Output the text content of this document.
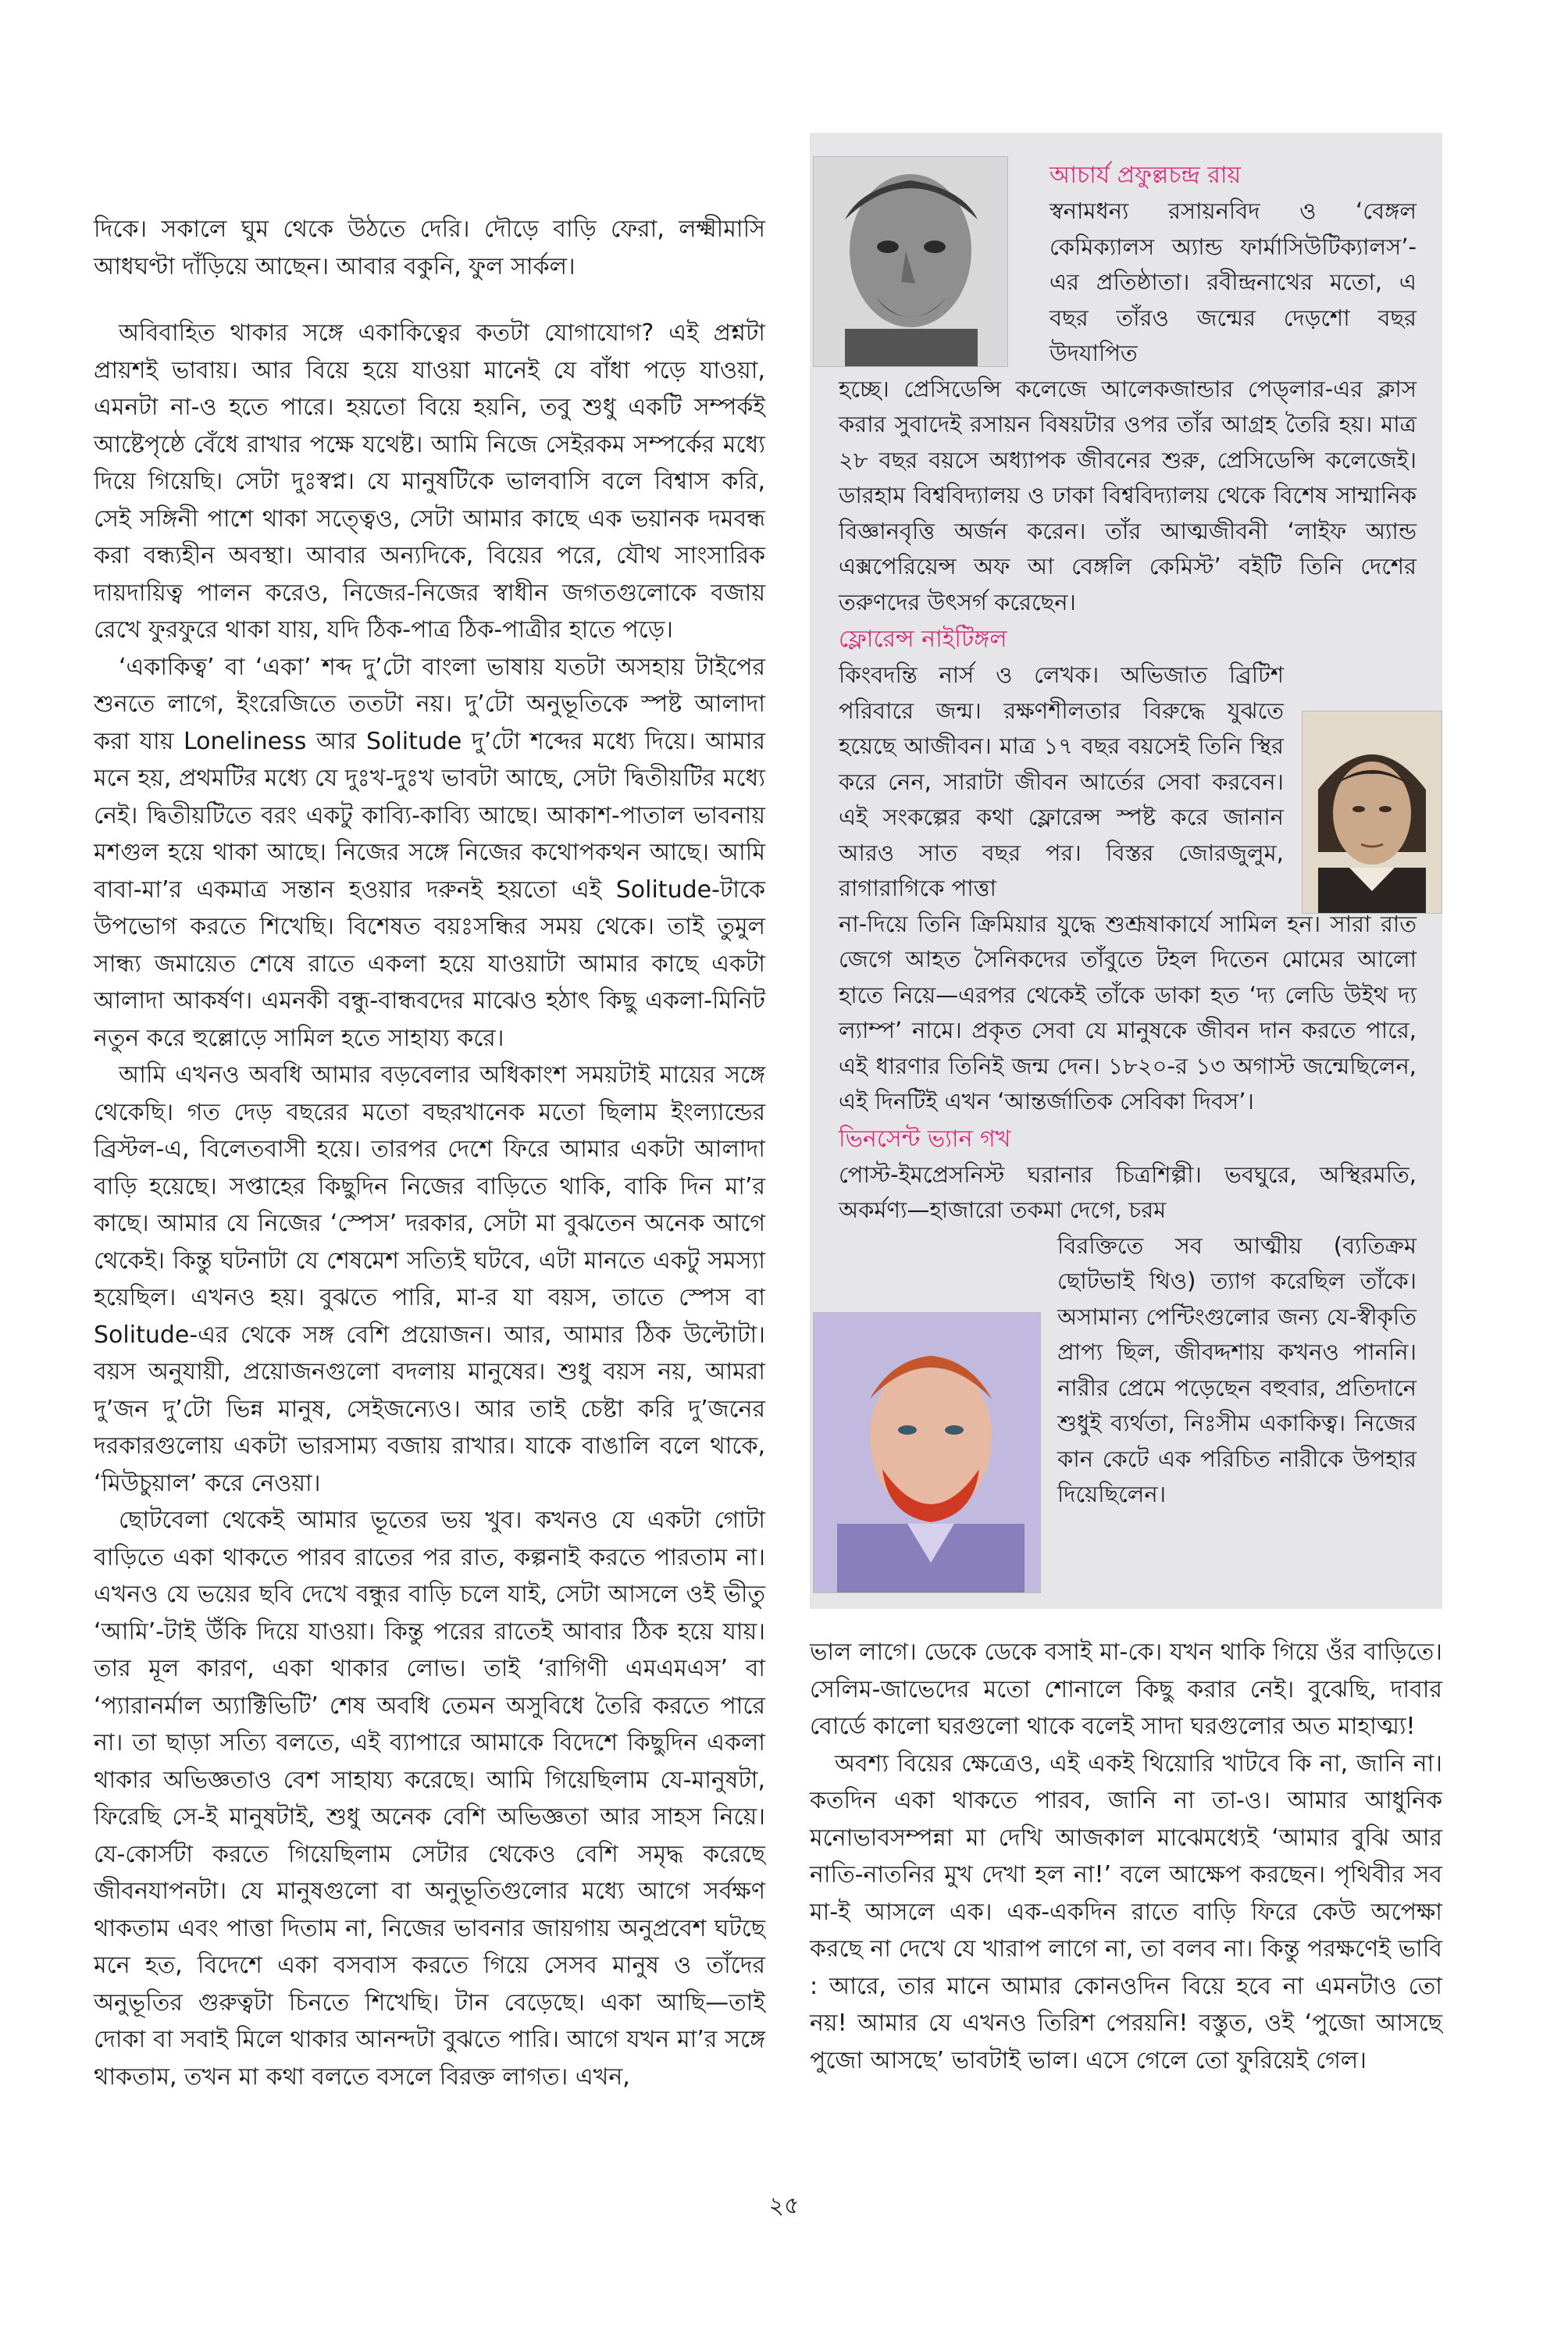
দিকে। সকালে ঘুম থেকে উঠতে দেরি। দৌড়ে বাড়ি ফেরা, লক্ষ্মীমাসি আধঘণ্টা দাঁড়িয়ে আছেন। আবার বকুনি, ফুল সার্কল।

অবিবাহিত থাকার সঙ্গে একাকিত্বের কতটা যোগাযোগ? এই প্রশ্নটা প্রায়শই ভাবায়। আর বিয়ে হয়ে যাওয়া মানেই যে বাঁধা পড়ে যাওয়া, এমনটা না-ও হতে পারে। হয়তো বিয়ে হয়নি, তবু শুধু একটি সম্পর্কই আষ্টেপৃষ্ঠে বেঁধে রাখার পক্ষে যথেষ্ট। আমি নিজে সেইরকম সম্পর্কের মধ্যে দিয়ে গিয়েছি। সেটা দুঃস্বপ্ন। যে মানুষটিকে ভালবাসি বলে বিশ্বাস করি, সেই সঙ্গিনী পাশে থাকা সত্ত্বেও, সেটা আমার কাছে এক ভয়ানক দমবন্ধ করা বন্ধ্যহীন অবস্থা। আবার অন্যদিকে, বিয়ের পরে, যৌথ সাংসারিক দায়দায়িত্ব পালন করেও, নিজের-নিজের স্বাধীন জগতগুলোকে বজায় রেখে ফুরফুরে থাকা যায়, যদি ঠিক-পাত্র ঠিক-পাত্রীর হাতে পড়ে।

‘একাকিত্ব’ বা ‘একা’ শব্দ দু’টো বাংলা ভাষায় যতটা অসহায় টাইপের শুনতে লাগে, ইংরেজিতে ততটা নয়। দু’টো অনুভূতিকে স্পষ্ট আলাদা করা যায় Loneliness আর Solitude দু’টো শব্দের মধ্যে দিয়ে। আমার মনে হয়, প্রথমটির মধ্যে যে দুঃখ-দুঃখ ভাবটা আছে, সেটা দ্বিতীয়টির মধ্যে নেই। দ্বিতীয়টিতে বরং একটু কাব্যি-কাব্যি আছে। আকাশ-পাতাল ভাবনায় মশগুল হয়ে থাকা আছে। নিজের সঙ্গে নিজের কথোপকথন আছে। আমি বাবা-মা’র একমাত্র সন্তান হওয়ার দরুনই হয়তো এই Solitude-টাকে উপভোগ করতে শিখেছি। বিশেষত বয়ঃসন্ধির সময় থেকে। তাই তুমুল সান্ধ্য জমায়েত শেষে রাতে একলা হয়ে যাওয়াটা আমার কাছে একটা আলাদা আকর্ষণ। এমনকী বন্ধু-বান্ধবদের মাঝেও হঠাৎ কিছু একলা-মিনিট নতুন করে হুল্লোড়ে সামিল হতে সাহায্য করে।

আমি এখনও অবধি আমার বড়বেলার অধিকাংশ সময়টাই মায়ের সঙ্গে থেকেছি। গত দেড় বছরের মতো বছরখানেক মতো ছিলাম ইংল্যান্ডের ব্রিস্টল-এ, বিলেতবাসী হয়ে। তারপর দেশে ফিরে আমার একটা আলাদা বাড়ি হয়েছে। সপ্তাহের কিছুদিন নিজের বাড়িতে থাকি, বাকি দিন মা’র কাছে। আমার যে নিজের ‘স্পেস’ দরকার, সেটা মা বুঝতেন অনেক আগে থেকেই। কিন্তু ঘটনাটা যে শেষমেশ সত্যিই ঘটবে, এটা মানতে একটু সমস্যা হয়েছিল। এখনও হয়। বুঝতে পারি, মা-র যা বয়স, তাতে স্পেস বা Solitude-এর থেকে সঙ্গ বেশি প্রয়োজন। আর, আমার ঠিক উল্টোটা। বয়স অনুযায়ী, প্রয়োজনগুলো বদলায় মানুষের। শুধু বয়স নয়, আমরা দু’জন দু’টো ভিন্ন মানুষ, সেইজন্যেও। আর তাই চেষ্টা করি দু’জনের দরকারগুলোয় একটা ভারসাম্য বজায় রাখার। যাকে বাঙালি বলে থাকে, ‘মিউচুয়াল’ করে নেওয়া।

ছোটবেলা থেকেই আমার ভূতের ভয় খুব। কখনও যে একটা গোটা বাড়িতে একা থাকতে পারব রাতের পর রাত, কল্পনাই করতে পারতাম না। এখনও যে ভয়ের ছবি দেখে বন্ধুর বাড়ি চলে যাই, সেটা আসলে ওই ভীতু ‘আমি’-টাই উঁকি দিয়ে যাওয়া। কিন্তু পরের রাতেই আবার ঠিক হয়ে যায়। তার মূল কারণ, একা থাকার লোভ। তাই ‘রাগিণী এমএমএস’ বা ‘প্যারানর্মাল অ্যাক্টিভিটি’ শেষ অবধি তেমন অসুবিধে তৈরি করতে পারে না। তা ছাড়া সত্যি বলতে, এই ব্যাপারে আমাকে বিদেশে কিছুদিন একলা থাকার অভিজ্ঞতাও বেশ সাহায্য করেছে। আমি গিয়েছিলাম যে-মানুষটা, ফিরেছি সে-ই মানুষটাই, শুধু অনেক বেশি অভিজ্ঞতা আর সাহস নিয়ে। যে-কোর্সটা করতে গিয়েছিলাম সেটার থেকেও বেশি সমৃদ্ধ করেছে জীবনযাপনটা। যে মানুষগুলো বা অনুভূতিগুলোর মধ্যে আগে সর্বক্ষণ থাকতাম এবং পাত্তা দিতাম না, নিজের ভাবনার জায়গায় অনুপ্রবেশ ঘটছে মনে হত, বিদেশে একা বসবাস করতে গিয়ে সেসব মানুষ ও তাঁদের অনুভূতির গুরুত্বটা চিনতে শিখেছি। টান বেড়েছে। একা আছি—তাই দোকা বা সবাই মিলে থাকার আনন্দটা বুঝতে পারি। আগে যখন মা’র সঙ্গে থাকতাম, তখন মা কথা বলতে বসলে বিরক্ত লাগত। এখন,

আচার্য প্রফুল্লচন্দ্র রায়

স্বনামধন্য রসায়নবিদ ও ‘বেঙ্গল কেমিক্যালস অ্যান্ড ফার্মাসিউটিক্যালস’-এর প্রতিষ্ঠাতা। রবীন্দ্রনাথের মতো, এ বছর তাঁরও জন্মের দেড়শো বছর উদযাপিত

হচ্ছে। প্রেসিডেন্সি কলেজে আলেকজান্ডার পেড্লার-এর ক্লাস করার সুবাদেই রসায়ন বিষয়টার ওপর তাঁর আগ্রহ তৈরি হয়। মাত্র ২৮ বছর বয়সে অধ্যাপক জীবনের শুরু, প্রেসিডেন্সি কলেজেই। ডারহাম বিশ্ববিদ্যালয় ও ঢাকা বিশ্ববিদ্যালয় থেকে বিশেষ সাম্মানিক বিজ্ঞানবৃত্তি অর্জন করেন। তাঁর আত্মজীবনী ‘লাইফ অ্যান্ড এক্সপেরিয়েন্স অফ আ বেঙ্গলি কেমিস্ট’ বইটি তিনি দেশের তরুণদের উৎসর্গ করেছেন।

ফ্লোরেন্স নাইটিঙ্গল

কিংবদন্তি নার্স ও লেখক। অভিজাত ব্রিটিশ পরিবারে জন্ম। রক্ষণশীলতার বিরুদ্ধে যুঝতে হয়েছে আজীবন। মাত্র ১৭ বছর বয়সেই তিনি স্থির করে নেন, সারাটা জীবন আর্তের সেবা করবেন। এই সংকল্পের কথা ফ্লোরেন্স স্পষ্ট করে জানান আরও সাত বছর পর। বিস্তর জোরজুলুম, রাগারাগিকে পাত্তা

না-দিয়ে তিনি ক্রিমিয়ার যুদ্ধে শুশ্রূষাকার্যে সামিল হন। সারা রাত জেগে আহত সৈনিকদের তাঁবুতে টহল দিতেন মোমের আলো হাতে নিয়ে—এরপর থেকেই তাঁকে ডাকা হত ‘দ্য লেডি উইথ দ্য ল্যাম্প’ নামে। প্রকৃত সেবা যে মানুষকে জীবন দান করতে পারে, এই ধারণার তিনিই জন্ম দেন। ১৮২০-র ১৩ অগাস্ট জন্মেছিলেন, এই দিনটিই এখন ‘আন্তর্জাতিক সেবিকা দিবস’।

ভিনসেন্ট ভ্যান গখ

পোস্ট-ইমপ্রেসনিস্ট ঘরানার চিত্রশিল্পী। ভবঘুরে, অস্থিরমতি, অকর্মণ্য—হাজারো তকমা দেগে, চরম

বিরক্তিতে সব আত্মীয় (ব্যতিক্রম ছোটভাই থিও) ত্যাগ করেছিল তাঁকে। অসামান্য পেন্টিংগুলোর জন্য যে-স্বীকৃতি প্রাপ্য ছিল, জীবদ্দশায় কখনও পাননি। নারীর প্রেমে পড়েছেন বহুবার, প্রতিদানে শুধুই ব্যর্থতা, নিঃসীম একাকিত্ব। নিজের কান কেটে এক পরিচিত নারীকে উপহার দিয়েছিলেন।

ভাল লাগে। ডেকে ডেকে বসাই মা-কে। যখন থাকি গিয়ে ওঁর বাড়িতে। সেলিম-জাভেদের মতো শোনালে কিছু করার নেই। বুঝেছি, দাবার বোর্ডে কালো ঘরগুলো থাকে বলেই সাদা ঘরগুলোর অত মাহাত্ম্য!

অবশ্য বিয়ের ক্ষেত্রেও, এই একই থিয়োরি খাটবে কি না, জানি না। কতদিন একা থাকতে পারব, জানি না তা-ও। আমার আধুনিক মনোভাবসম্পন্না মা দেখি আজকাল মাঝেমধ্যেই ‘আমার বুঝি আর নাতি-নাতনির মুখ দেখা হল না!’ বলে আক্ষেপ করছেন। পৃথিবীর সব মা-ই আসলে এক। এক-একদিন রাতে বাড়ি ফিরে কেউ অপেক্ষা করছে না দেখে যে খারাপ লাগে না, তা বলব না। কিন্তু পরক্ষণেই ভাবি : আরে, তার মানে আমার কোনওদিন বিয়ে হবে না এমনটাও তো নয়! আমার যে এখনও তিরিশ পেরয়নি! বস্তুত, ওই ‘পুজো আসছে পুজো আসছে’ ভাবটাই ভাল। এসে গেলে তো ফুরিয়েই গেল।

২৫
